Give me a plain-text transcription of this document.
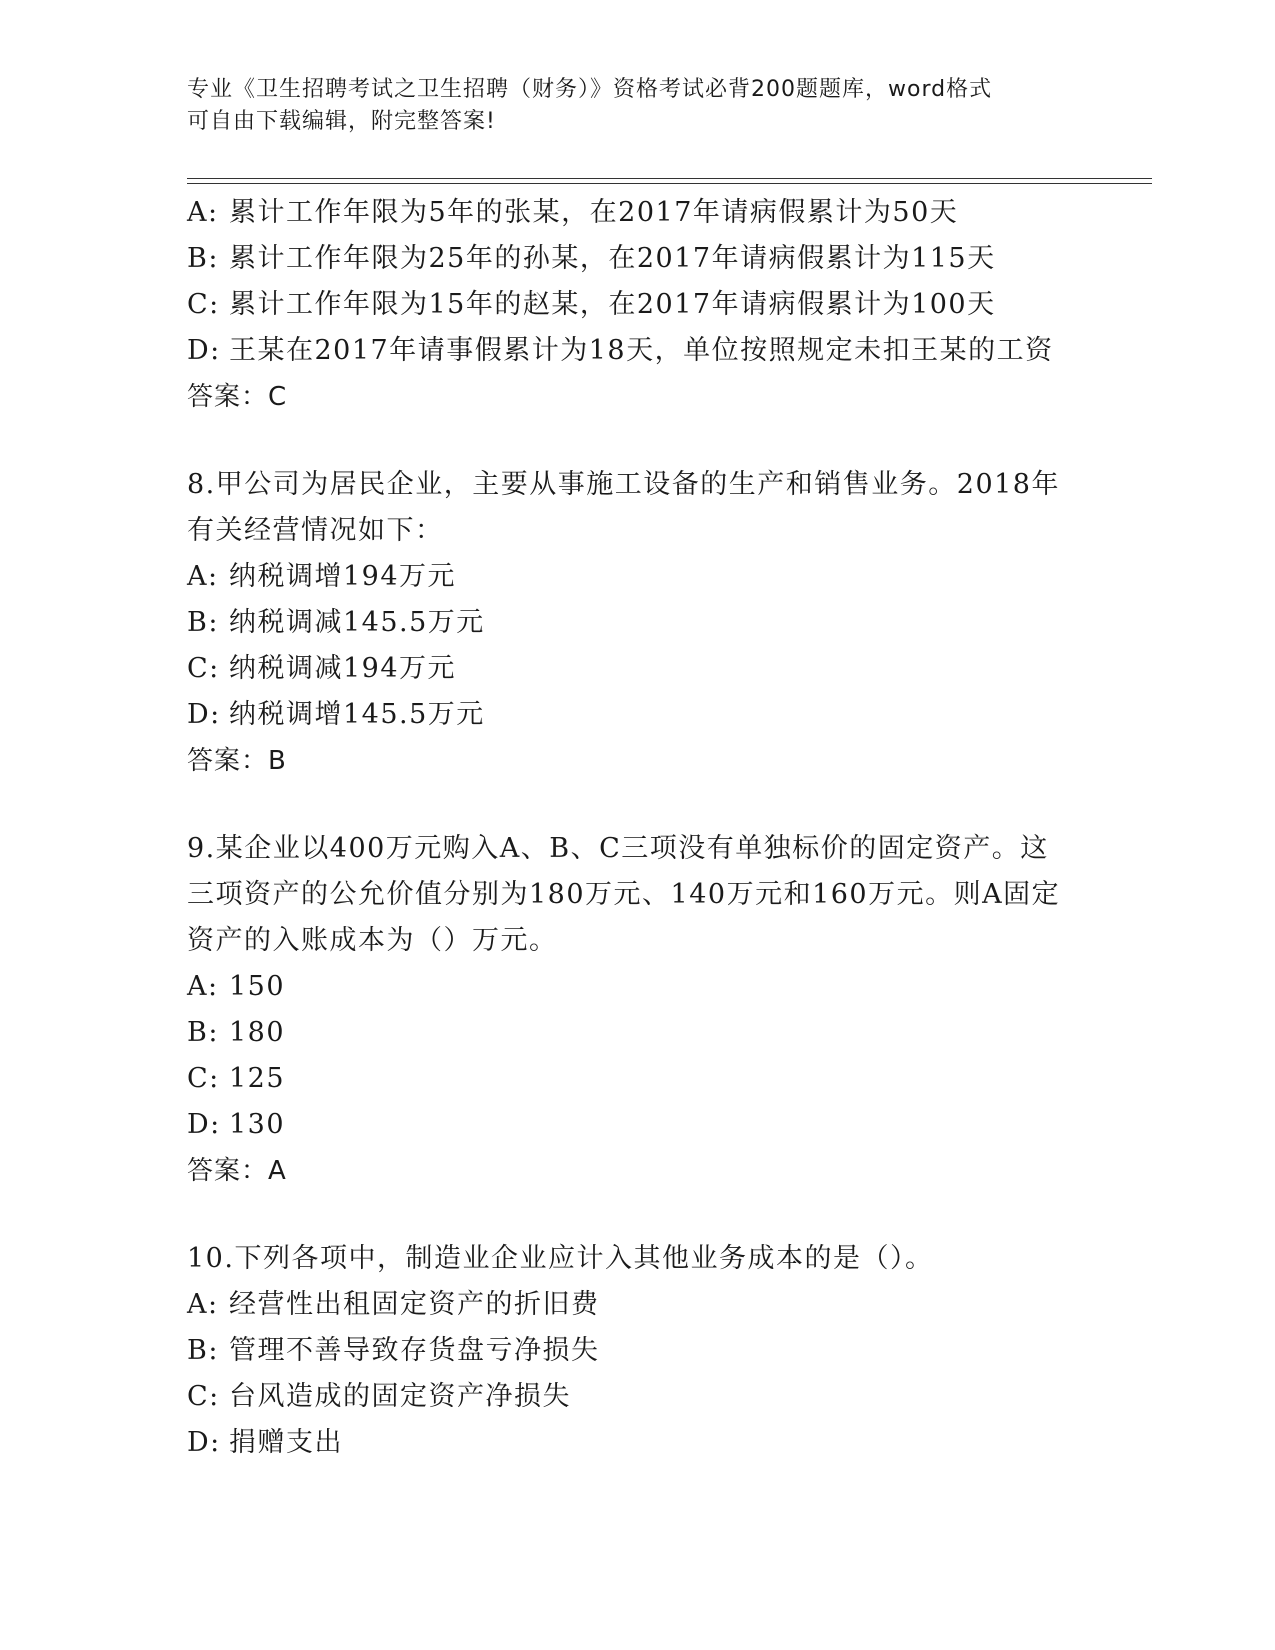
专业《卫生招聘考试之卫生招聘（财务）》资格考试必背200题题库，word格式
可自由下载编辑，附完整答案!
A: 累计工作年限为5年的张某，在2017年请病假累计为50天
B: 累计工作年限为25年的孙某，在2017年请病假累计为115天
C: 累计工作年限为15年的赵某，在2017年请病假累计为100天
D: 王某在2017年请事假累计为18天，单位按照规定未扣王某的工资
答案：C
8.甲公司为居民企业，主要从事施工设备的生产和销售业务。2018年
有关经营情况如下：
A: 纳税调增194万元
B: 纳税调减145.5万元
C: 纳税调减194万元
D: 纳税调增145.5万元
答案：B
9.某企业以400万元购入A、B、C三项没有单独标价的固定资产。这
三项资产的公允价值分别为180万元、140万元和160万元。则A固定
资产的入账成本为（）万元。
A: 150
B: 180
C: 125
D: 130
答案：A
10.下列各项中，制造业企业应计入其他业务成本的是（）。
A: 经营性出租固定资产的折旧费
B: 管理不善导致存货盘亏净损失
C: 台风造成的固定资产净损失
D: 捐赠支出
